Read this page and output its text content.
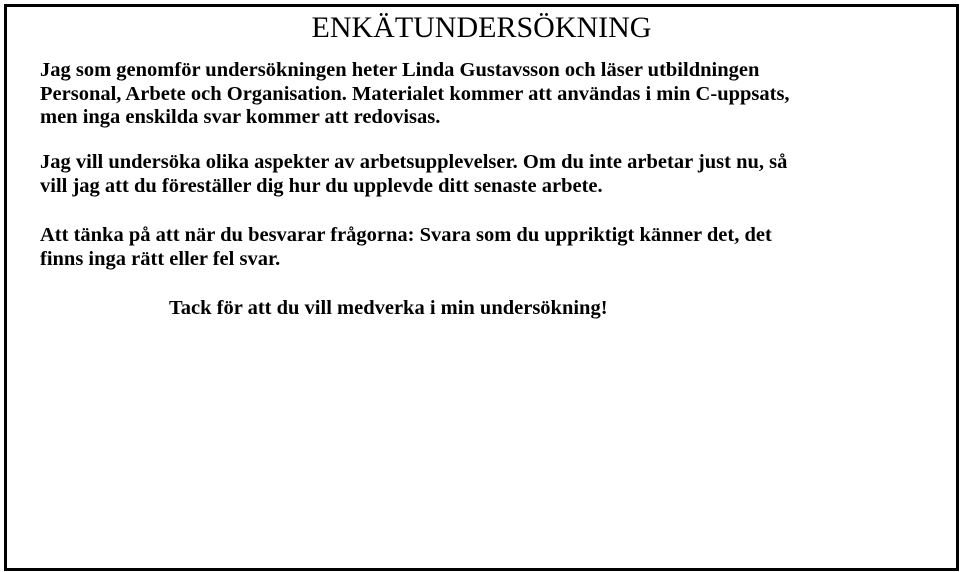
ENKÄTUNDERSÖKNING

Jag som genomför undersökningen heter Linda Gustavsson och läser utbildningen
Personal, Arbete och Organisation. Materialet kommer att användas i min C-uppsats,
men inga enskilda svar kommer att redovisas.

Jag vill undersöka olika aspekter av arbetsupplevelser. Om du inte arbetar just nu, så
vill jag att du föreställer dig hur du upplevde ditt senaste arbete.

Att tänka på att när du besvarar frågorna: Svara som du uppriktigt känner det, det
finns inga rätt eller fel svar.

Tack för att du vill medverka i min undersökning!
